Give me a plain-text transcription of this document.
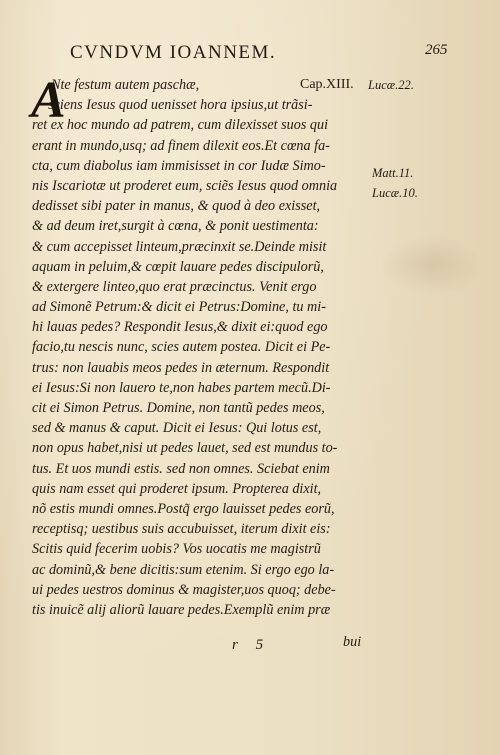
CVNDVM IOANNEM.	265
A	Cap.XIII. Lucæ.22.
Matt.11.
Lucæ.10.
Nte festum autem paschæ,
sciens Iesus quod uenisset hora ipsius,ut trãsi-
ret ex hoc mundo ad patrem, cum dilexisset suos qui
erant in mundo,usq; ad finem dilexit eos.Et cœna fa-
cta, cum diabolus iam immisisset in cor Iudæ Simo-
nis Iscariotæ ut proderet eum, sciẽs Iesus quod omnia
dedisset sibi pater in manus, & quod à deo exisset,
& ad deum iret,surgit à cœna, & ponit uestimenta:
& cum accepisset linteum,præcinxit se.Deinde misit
aquam in peluim,& cœpit lauare pedes discipulorũ,
& extergere linteo,quo erat præcinctus. Venit ergo
ad Simonẽ Petrum:& dicit ei Petrus:Domine, tu mi-
hi lauas pedes? Respondit Iesus,& dixit ei:quod ego
facio,tu nescis nunc, scies autem postea. Dicit ei Pe-
trus: non lauabis meos pedes in æternum. Respondit
ei Iesus:Si non lauero te,non habes partem mecũ.Di-
cit ei Simon Petrus. Domine, non tantũ pedes meos,
sed & manus & caput. Dicit ei Iesus: Qui lotus est,
non opus habet,nisi ut pedes lauet, sed est mundus to-
tus. Et uos mundi estis. sed non omnes. Sciebat enim
quis nam esset qui proderet ipsum. Propterea dixit,
nõ estis mundi omnes.Postq̃ ergo lauisset pedes eorũ,
receptisq; uestibus suis accubuisset, iterum dixit eis:
Scitis quid fecerim uobis? Vos uocatis me magistrũ
ac dominũ,& bene dicitis:sum etenim. Si ergo ego la-
ui pedes uestros dominus & magister,uos quoq; debe-
tis inuicẽ alij aliorũ lauare pedes.Exemplũ enim præ
r 5	bui
